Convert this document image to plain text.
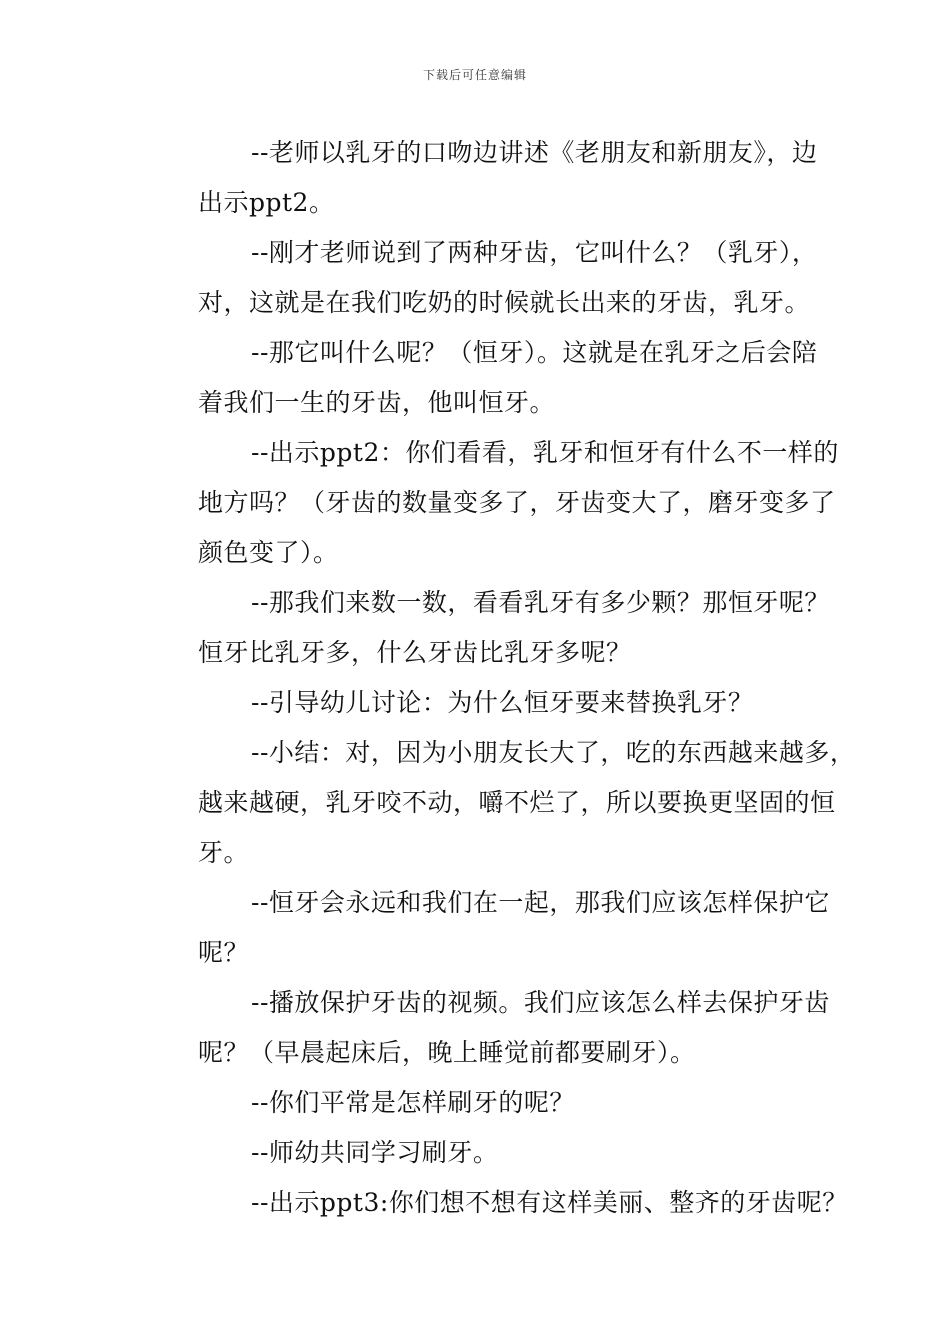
下载后可任意编辑
--老师以乳牙的口吻边讲述《老朋友和新朋友》，边
出示ppt2。
--刚才老师说到了两种牙齿，它叫什么？（乳牙），
对，这就是在我们吃奶的时候就长出来的牙齿，乳牙。
--那它叫什么呢？（恒牙）。这就是在乳牙之后会陪
着我们一生的牙齿，他叫恒牙。
--出示ppt2：你们看看，乳牙和恒牙有什么不一样的
地方吗？（牙齿的数量变多了，牙齿变大了，磨牙变多了
颜色变了）。
--那我们来数一数，看看乳牙有多少颗？那恒牙呢？
恒牙比乳牙多，什么牙齿比乳牙多呢？
--引导幼儿讨论：为什么恒牙要来替换乳牙？
--小结：对，因为小朋友长大了，吃的东西越来越多，
越来越硬，乳牙咬不动，嚼不烂了，所以要换更坚固的恒
牙。
--恒牙会永远和我们在一起，那我们应该怎样保护它
呢？
--播放保护牙齿的视频。我们应该怎么样去保护牙齿
呢？（早晨起床后，晚上睡觉前都要刷牙）。
--你们平常是怎样刷牙的呢？
--师幼共同学习刷牙。
--出示ppt3:你们想不想有这样美丽、整齐的牙齿呢？
